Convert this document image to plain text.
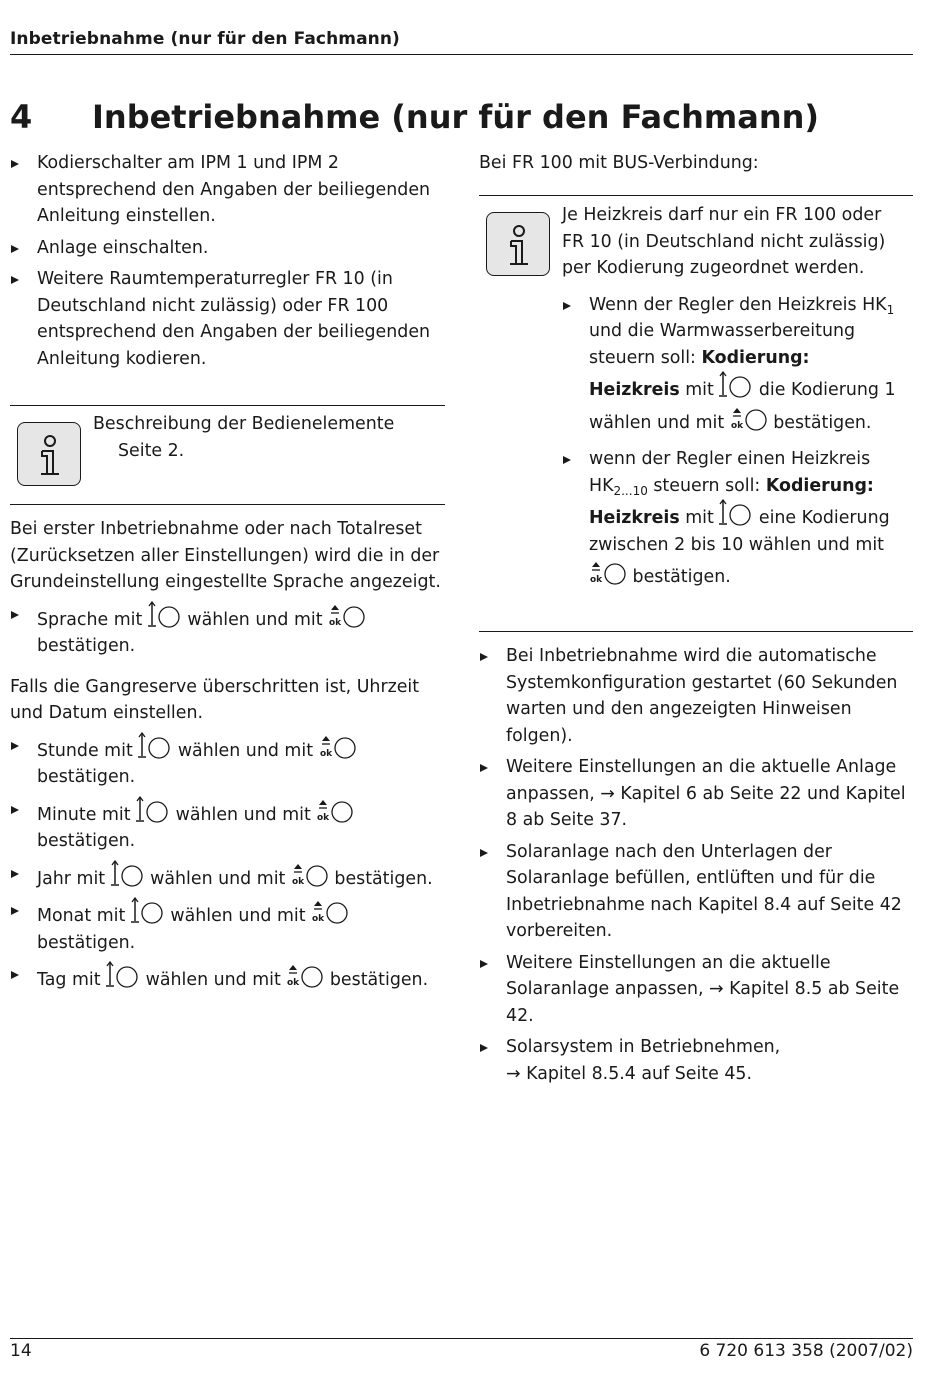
Inbetriebnahme (nur für den Fachmann)
4 Inbetriebnahme (nur für den Fachmann)

Kodierschalter am IPM 1 und IPM 2 entsprechend den Angaben der beiliegenden Anleitung einstellen.

Anlage einschalten.

Weitere Raumtemperaturregler FR 10 (in Deutschland nicht zulässig) oder FR 100 entsprechend den Angaben der beiliegenden Anleitung kodieren.

Beschreibung der Bedienelemente

Seite 2.

Bei erster Inbetriebnahme oder nach Totalreset (Zurücksetzen aller Einstellungen) wird die in der Grundeinstellung eingestellte Sprache angezeigt.

Sprache mit	wählen und mit ok
bestätigen.

Falls die Gangreserve überschritten ist, Uhrzeit und Datum einstellen.

Stunde mit	wählen und mit ok
bestätigen.

Minute mit	wählen und mit ok
bestätigen.

Jahr mit	wählen und mit ok bestätigen.

Monat mit	wählen und mit ok
bestätigen.

Tag mit	wählen und mit ok bestätigen.

Bei FR 100 mit BUS-Verbindung:

Je Heizkreis darf nur ein FR 100 oder FR 10 (in Deutschland nicht zulässig) per Kodierung zugeordnet werden.

Wenn der Regler den Heizkreis $HK_1$ und die Warmwasserbereitung steuern soll: Kodierung: Heizkreis mit  die Kodierung 1 wählen und mit ok bestätigen.

wenn der Regler einen Heizkreis $HK_{2...10}$ steuern soll: Kodierung: Heizkreis mit  eine Kodierung zwischen 2 bis 10 wählen und mit
ok bestätigen.

Bei Inbetriebnahme wird die automatische Systemkonfiguration gestartet (60 Sekunden warten und den angezeigten Hinweisen folgen).

Weitere Einstellungen an die aktuelle Anlage anpassen, → Kapitel 6 ab Seite 22 und Kapitel 8 ab Seite 37.

Solaranlage nach den Unterlagen der Solaranlage befüllen, entlüften und für die Inbetriebnahme nach Kapitel 8.4 auf Seite 42 vorbereiten.

Weitere Einstellungen an die aktuelle Solaranlage anpassen, → Kapitel 8.5 ab Seite 42.

Solarsystem in Betriebnehmen,
→ Kapitel 8.5.4 auf Seite 45.

14	6 720 613 358 (2007/02)
